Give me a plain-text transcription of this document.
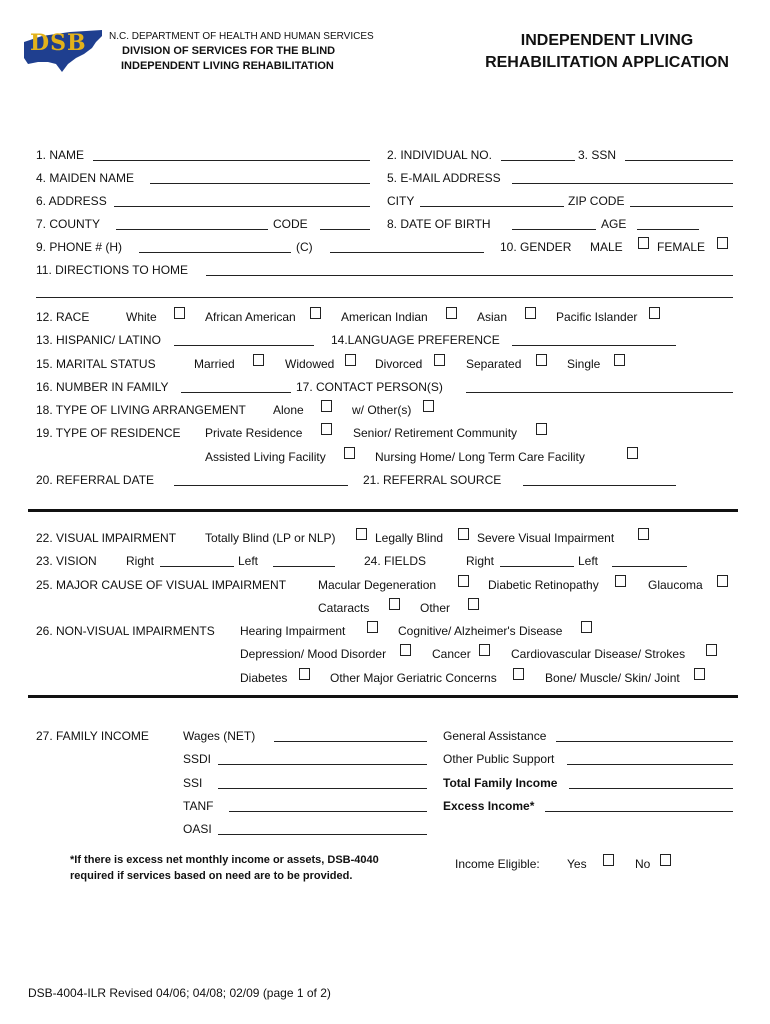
DSB N.C. DEPARTMENT OF HEALTH AND HUMAN SERVICES
DIVISION OF SERVICES FOR THE BLIND
INDEPENDENT LIVING REHABILITATION
INDEPENDENT LIVING
REHABILITATION APPLICATION
1. NAME	2. INDIVIDUAL NO.	3. SSN
4. MAIDEN NAME	5. E-MAIL ADDRESS
6. ADDRESS	CITY	ZIP CODE
7. COUNTY	CODE	8. DATE OF BIRTH	AGE
9. PHONE # (H)	(C)	10. GENDER MALE	FEMALE
11. DIRECTIONS TO HOME
12. RACE	White	African American	American Indian	Asian	Pacific Islander
13. HISPANIC/ LATINO	14.LANGUAGE PREFERENCE
15. MARITAL STATUS	Married	Widowed	Divorced	Separated	Single
16. NUMBER IN FAMILY	17. CONTACT PERSON(S)
18. TYPE OF LIVING ARRANGEMENT Alone	w/ Other(s)
19. TYPE OF RESIDENCE Private Residence	Senior/ Retirement Community
Assisted Living Facility	Nursing Home/ Long Term Care Facility
20. REFERRAL DATE	21. REFERRAL SOURCE
22. VISUAL IMPAIRMENT Totally Blind (LP or NLP)	Legally Blind	Severe Visual Impairment
23. VISION Right	Left	24. FIELDS	Right	Left
25. MAJOR CAUSE OF VISUAL IMPAIRMENT	Macular Degeneration	Diabetic Retinopathy	Glaucoma
Cataracts	Other
26. NON-VISUAL IMPAIRMENTS Hearing Impairment	Cognitive/ Alzheimer's Disease
Depression/ Mood Disorder	Cancer	Cardiovascular Disease/ Strokes
Diabetes	Other Major Geriatric Concerns	Bone/ Muscle/ Skin/ Joint
27. FAMILY INCOME	Wages (NET)	General Assistance
SSDI	Other Public Support
SSI	Total Family Income
TANF	Excess Income*
OASI
*If there is excess net monthly income or assets, DSB-4040
required if services based on need are to be provided.
Income Eligible: Yes	No
DSB-4004-ILR Revised 04/06; 04/08; 02/09 (page 1 of 2)
